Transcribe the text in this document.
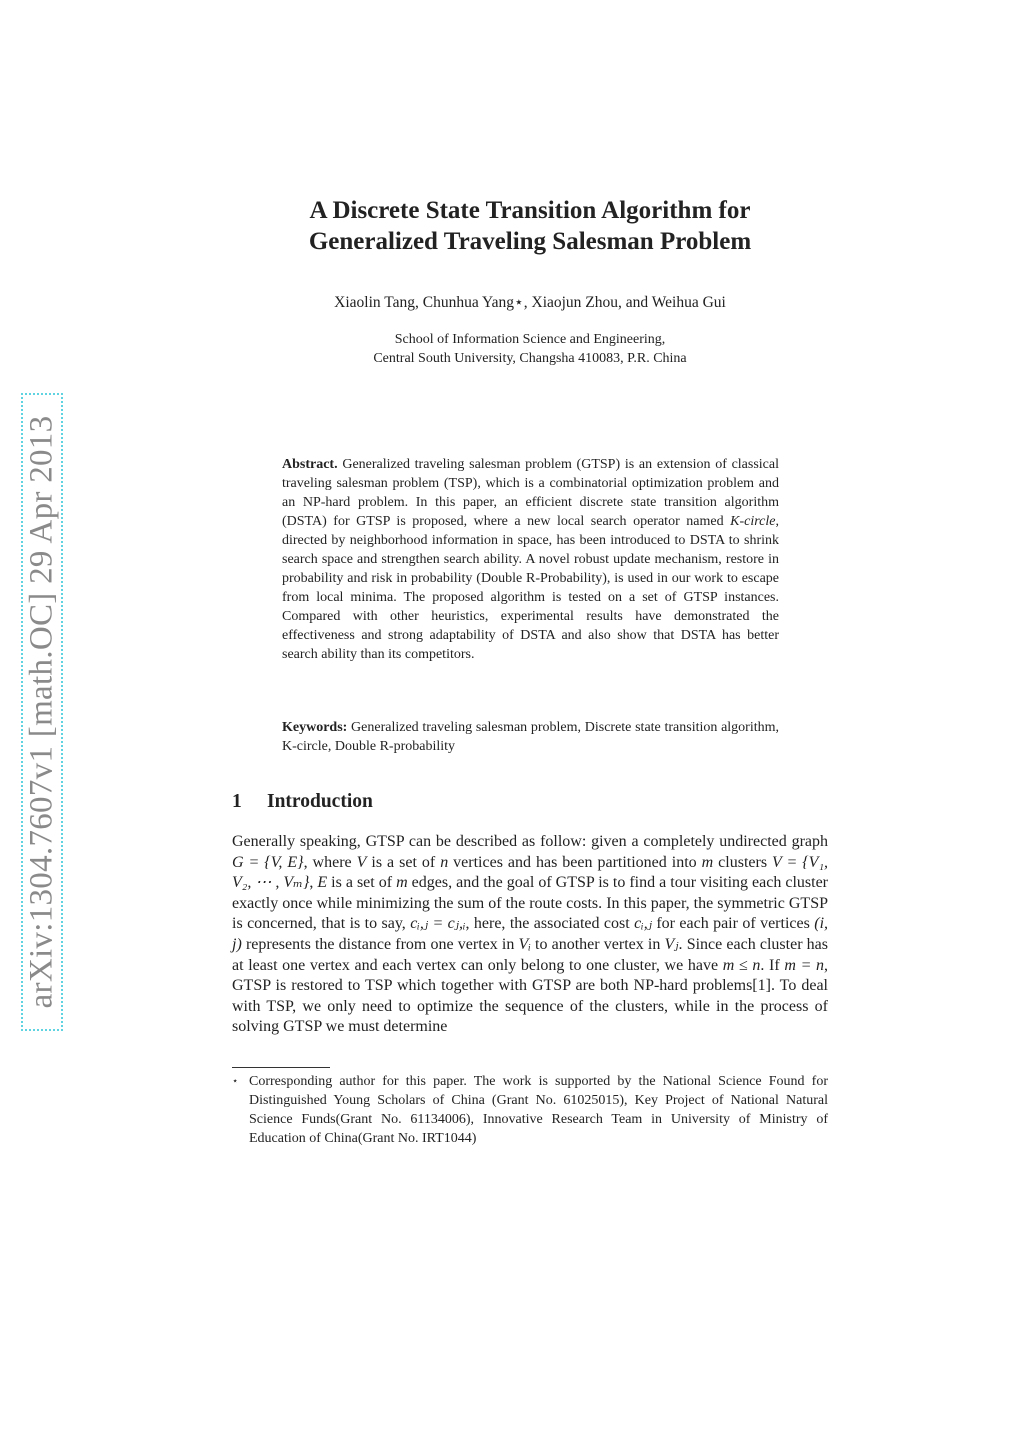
arXiv:1304.7607v1 [math.OC] 29 Apr 2013
A Discrete State Transition Algorithm for
Generalized Traveling Salesman Problem
Xiaolin Tang, Chunhua Yang⋆, Xiaojun Zhou, and Weihua Gui
School of Information Science and Engineering,
Central South University, Changsha 410083, P.R. China
Abstract. Generalized traveling salesman problem (GTSP) is an extension of classical traveling salesman problem (TSP), which is a combinatorial optimization problem and an NP-hard problem. In this paper, an efficient discrete state transition algorithm (DSTA) for GTSP is proposed, where a new local search operator named K-circle, directed by neighborhood information in space, has been introduced to DSTA to shrink search space and strengthen search ability. A novel robust update mechanism, restore in probability and risk in probability (Double R-Probability), is used in our work to escape from local minima. The proposed algorithm is tested on a set of GTSP instances. Compared with other heuristics, experimental results have demonstrated the effectiveness and strong adaptability of DSTA and also show that DSTA has better search ability than its competitors.
Keywords: Generalized traveling salesman problem, Discrete state transition algorithm, K-circle, Double R-probability
1 Introduction
Generally speaking, GTSP can be described as follow: given a completely undirected graph G = {V, E}, where V is a set of n vertices and has been partitioned into m clusters V = {V₁, V₂, ⋯ , Vₘ}, E is a set of m edges, and the goal of GTSP is to find a tour visiting each cluster exactly once while minimizing the sum of the route costs. In this paper, the symmetric GTSP is concerned, that is to say, cᵢ,ⱼ = cⱼ,ᵢ, here, the associated cost cᵢ,ⱼ for each pair of vertices (i, j) represents the distance from one vertex in Vᵢ to another vertex in Vⱼ. Since each cluster has at least one vertex and each vertex can only belong to one cluster, we have m ≤ n. If m = n, GTSP is restored to TSP which together with GTSP are both NP-hard problems[1]. To deal with TSP, we only need to optimize the sequence of the clusters, while in the process of solving GTSP we must determine
⋆ Corresponding author for this paper. The work is supported by the National Science Found for Distinguished Young Scholars of China (Grant No. 61025015), Key Project of National Natural Science Funds(Grant No. 61134006), Innovative Research Team in University of Ministry of Education of China(Grant No. IRT1044)
